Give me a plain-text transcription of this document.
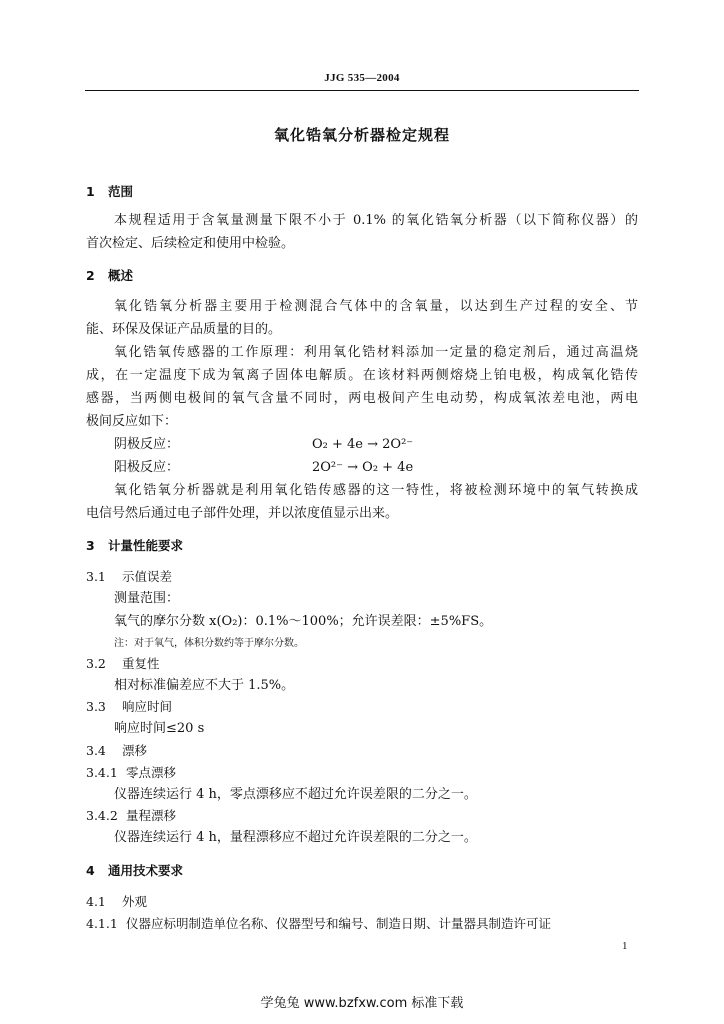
JJG 535—2004
氧化锆氧分析器检定规程
1 范围
本规程适用于含氧量测量下限不小于 0.1% 的氧化锆氧分析器（以下简称仪器）的
首次检定、后续检定和使用中检验。
2 概述
氧化锆氧分析器主要用于检测混合气体中的含氧量，以达到生产过程的安全、节
能、环保及保证产品质量的目的。
氧化锆氧传感器的工作原理：利用氧化锆材料添加一定量的稳定剂后，通过高温烧
成，在一定温度下成为氧离子固体电解质。在该材料两侧熔烧上铂电极，构成氧化锆传
感器，当两侧电极间的氧气含量不同时，两电极间产生电动势，构成氧浓差电池，两电
极间反应如下：
阴极反应：	O₂ + 4e → 2O²⁻
阳极反应：	2O²⁻ → O₂ + 4e
氧化锆氧分析器就是利用氧化锆传感器的这一特性，将被检测环境中的氧气转换成
电信号然后通过电子部件处理，并以浓度值显示出来。
3 计量性能要求
3.1 示值误差
测量范围：
氧气的摩尔分数 x(O₂)：0.1%～100%；允许误差限：±5%FS。
注：对于氧气，体积分数约等于摩尔分数。
3.2 重复性
相对标准偏差应不大于 1.5%。
3.3 响应时间
响应时间≤20 s
3.4 漂移
3.4.1 零点漂移
仪器连续运行 4 h，零点漂移应不超过允许误差限的二分之一。
3.4.2 量程漂移
仪器连续运行 4 h，量程漂移应不超过允许误差限的二分之一。
4 通用技术要求
4.1 外观
4.1.1 仪器应标明制造单位名称、仪器型号和编号、制造日期、计量器具制造许可证
1
学兔兔 www.bzfxw.com 标准下载
